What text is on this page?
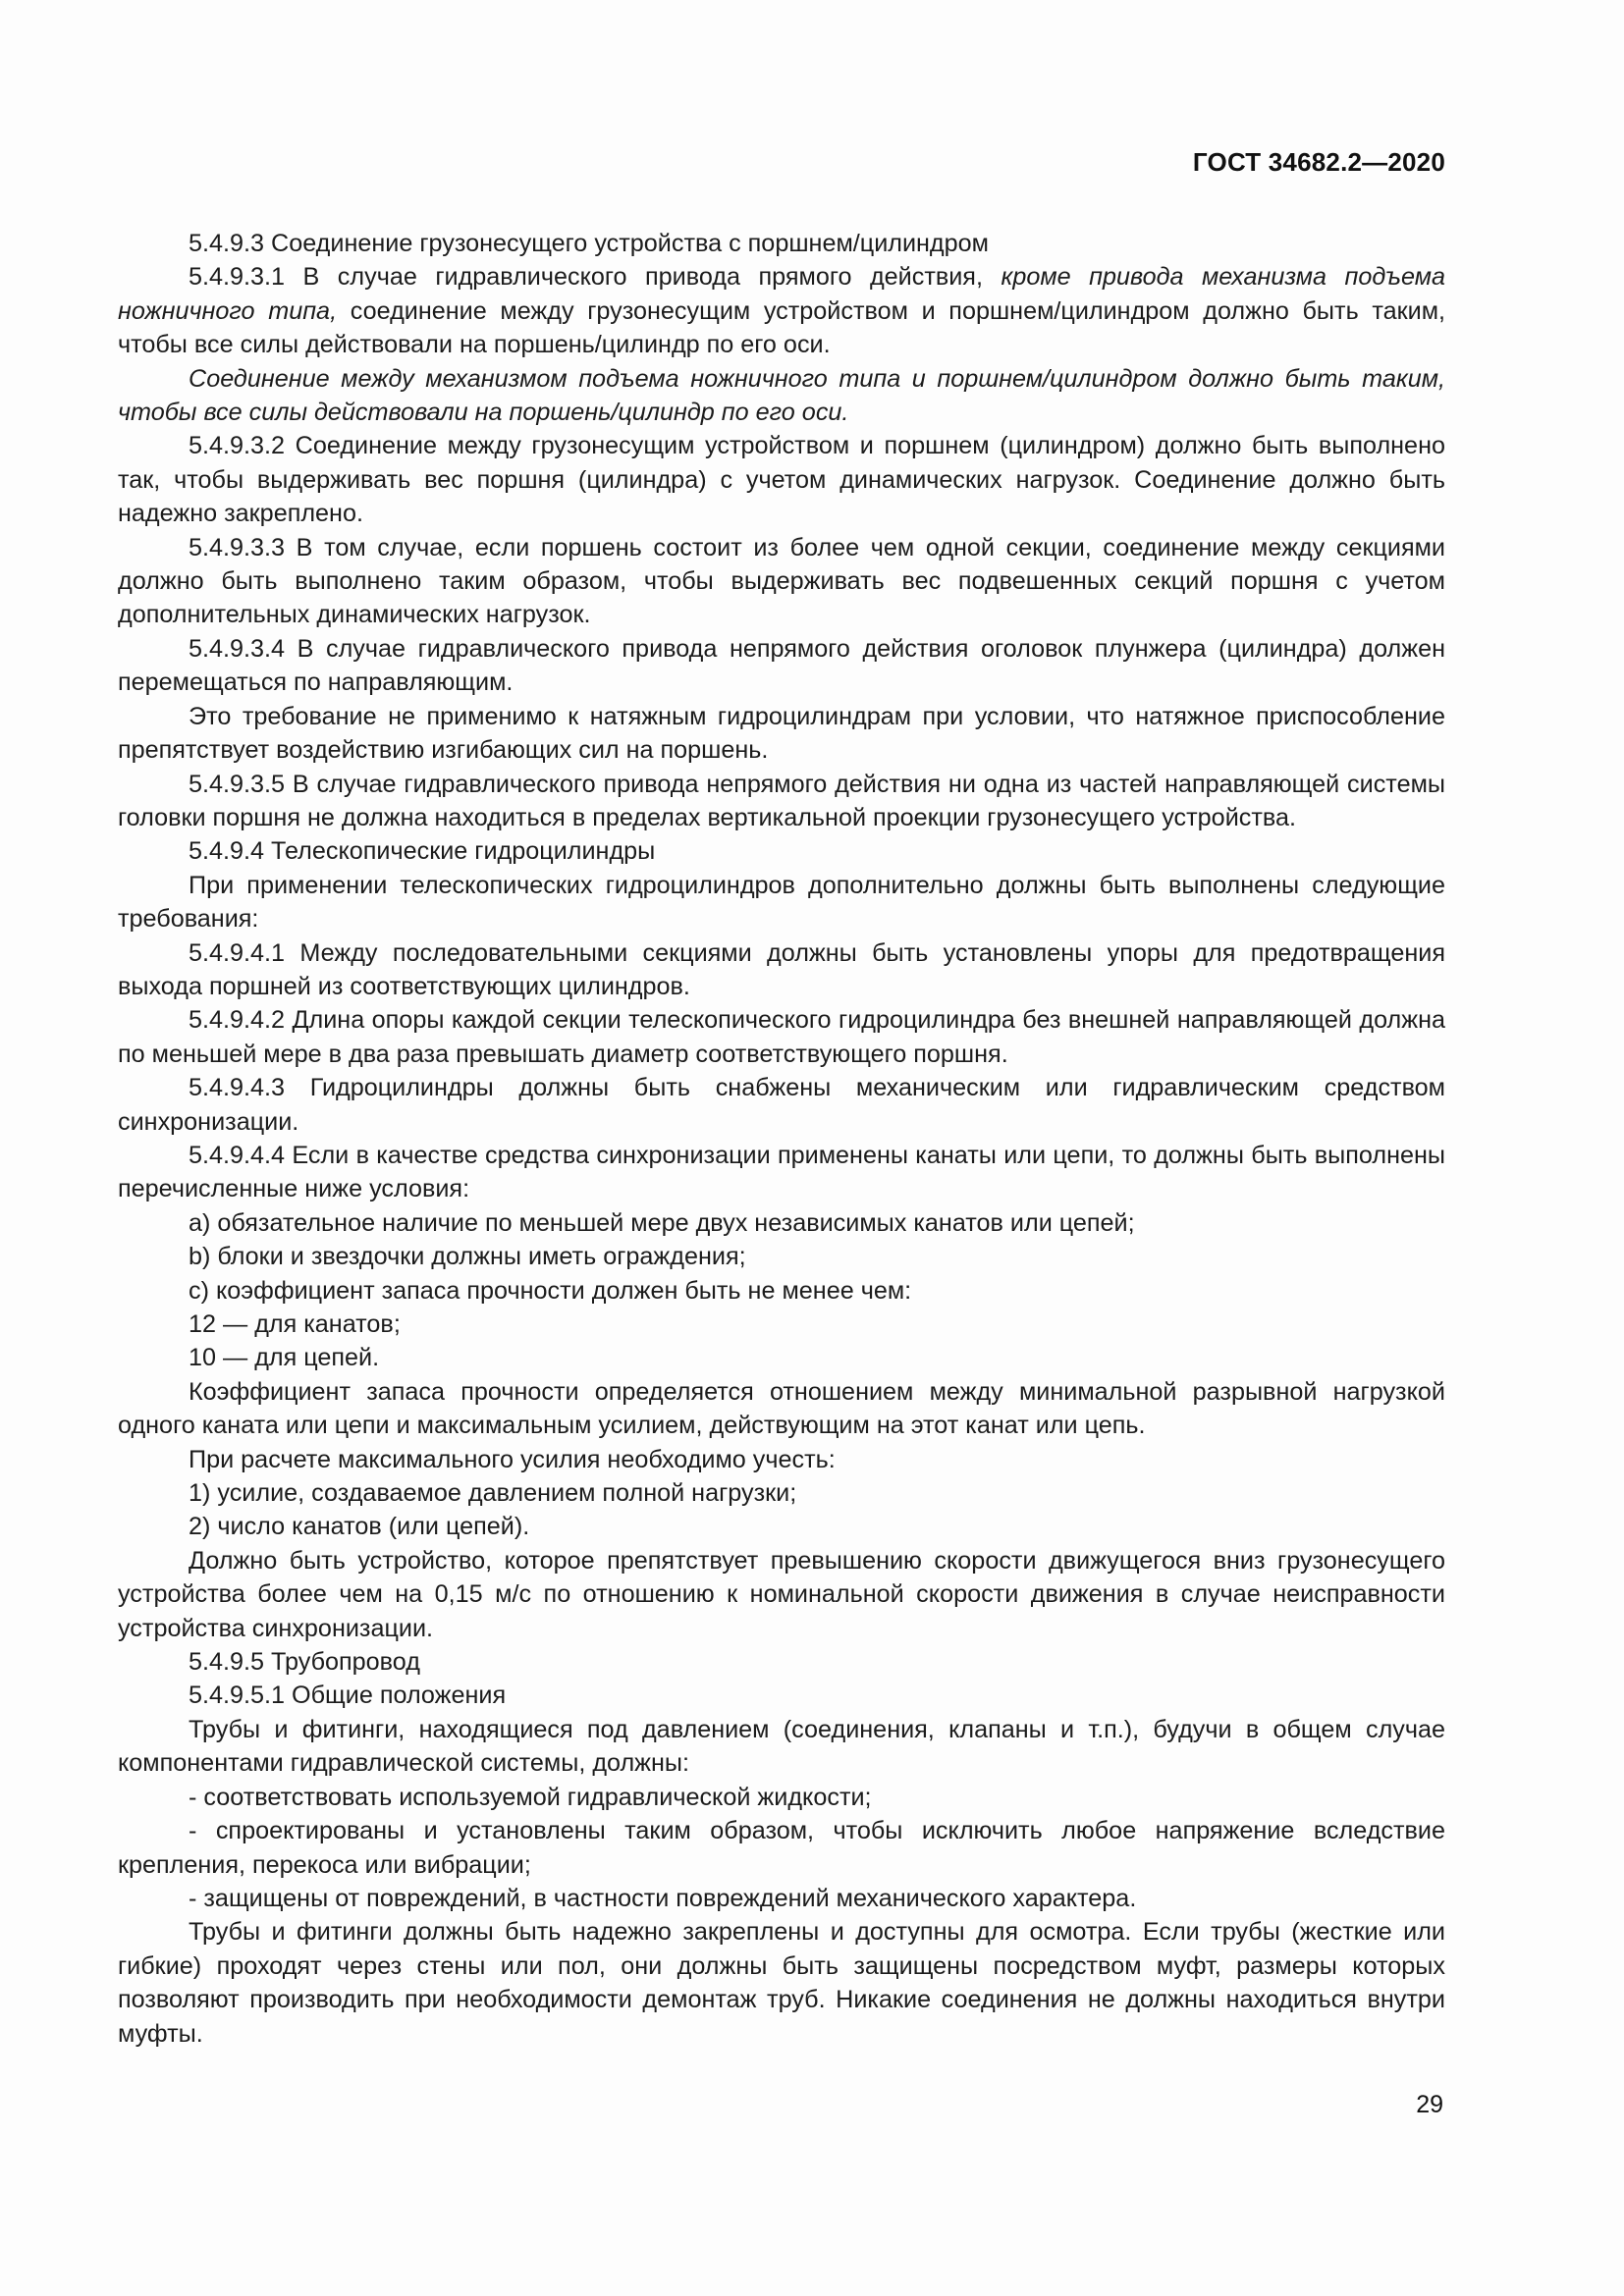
ГОСТ 34682.2—2020

5.4.9.3 Соединение грузонесущего устройства с поршнем/цилиндром

5.4.9.3.1 В случае гидравлического привода прямого действия, кроме привода механизма подъема ножничного типа, соединение между грузонесущим устройством и поршнем/цилиндром должно быть таким, чтобы все силы действовали на поршень/цилиндр по его оси.

Соединение между механизмом подъема ножничного типа и поршнем/цилиндром должно быть таким, чтобы все силы действовали на поршень/цилиндр по его оси.

5.4.9.3.2 Соединение между грузонесущим устройством и поршнем (цилиндром) должно быть выполнено так, чтобы выдерживать вес поршня (цилиндра) с учетом динамических нагрузок. Соединение должно быть надежно закреплено.

5.4.9.3.3 В том случае, если поршень состоит из более чем одной секции, соединение между секциями должно быть выполнено таким образом, чтобы выдерживать вес подвешенных секций поршня с учетом дополнительных динамических нагрузок.

5.4.9.3.4 В случае гидравлического привода непрямого действия оголовок плунжера (цилиндра) должен перемещаться по направляющим.

Это требование не применимо к натяжным гидроцилиндрам при условии, что натяжное приспособление препятствует воздействию изгибающих сил на поршень.

5.4.9.3.5 В случае гидравлического привода непрямого действия ни одна из частей направляющей системы головки поршня не должна находиться в пределах вертикальной проекции грузонесущего устройства.

5.4.9.4 Телескопические гидроцилиндры

При применении телескопических гидроцилиндров дополнительно должны быть выполнены следующие требования:

5.4.9.4.1 Между последовательными секциями должны быть установлены упоры для предотвращения выхода поршней из соответствующих цилиндров.

5.4.9.4.2 Длина опоры каждой секции телескопического гидроцилиндра без внешней направляющей должна по меньшей мере в два раза превышать диаметр соответствующего поршня.

5.4.9.4.3 Гидроцилиндры должны быть снабжены механическим или гидравлическим средством синхронизации.

5.4.9.4.4 Если в качестве средства синхронизации применены канаты или цепи, то должны быть выполнены перечисленные ниже условия:

a) обязательное наличие по меньшей мере двух независимых канатов или цепей;

b) блоки и звездочки должны иметь ограждения;

c) коэффициент запаса прочности должен быть не менее чем:

12 — для канатов;

10 — для цепей.

Коэффициент запаса прочности определяется отношением между минимальной разрывной нагрузкой одного каната или цепи и максимальным усилием, действующим на этот канат или цепь.

При расчете максимального усилия необходимо учесть:

1) усилие, создаваемое давлением полной нагрузки;

2) число канатов (или цепей).

Должно быть устройство, которое препятствует превышению скорости движущегося вниз грузонесущего устройства более чем на 0,15 м/с по отношению к номинальной скорости движения в случае неисправности устройства синхронизации.

5.4.9.5 Трубопровод

5.4.9.5.1 Общие положения

Трубы и фитинги, находящиеся под давлением (соединения, клапаны и т.п.), будучи в общем случае компонентами гидравлической системы, должны:

- соответствовать используемой гидравлической жидкости;

- спроектированы и установлены таким образом, чтобы исключить любое напряжение вследствие крепления, перекоса или вибрации;

- защищены от повреждений, в частности повреждений механического характера.

Трубы и фитинги должны быть надежно закреплены и доступны для осмотра. Если трубы (жесткие или гибкие) проходят через стены или пол, они должны быть защищены посредством муфт, размеры которых позволяют производить при необходимости демонтаж труб. Никакие соединения не должны находиться внутри муфты.

29
